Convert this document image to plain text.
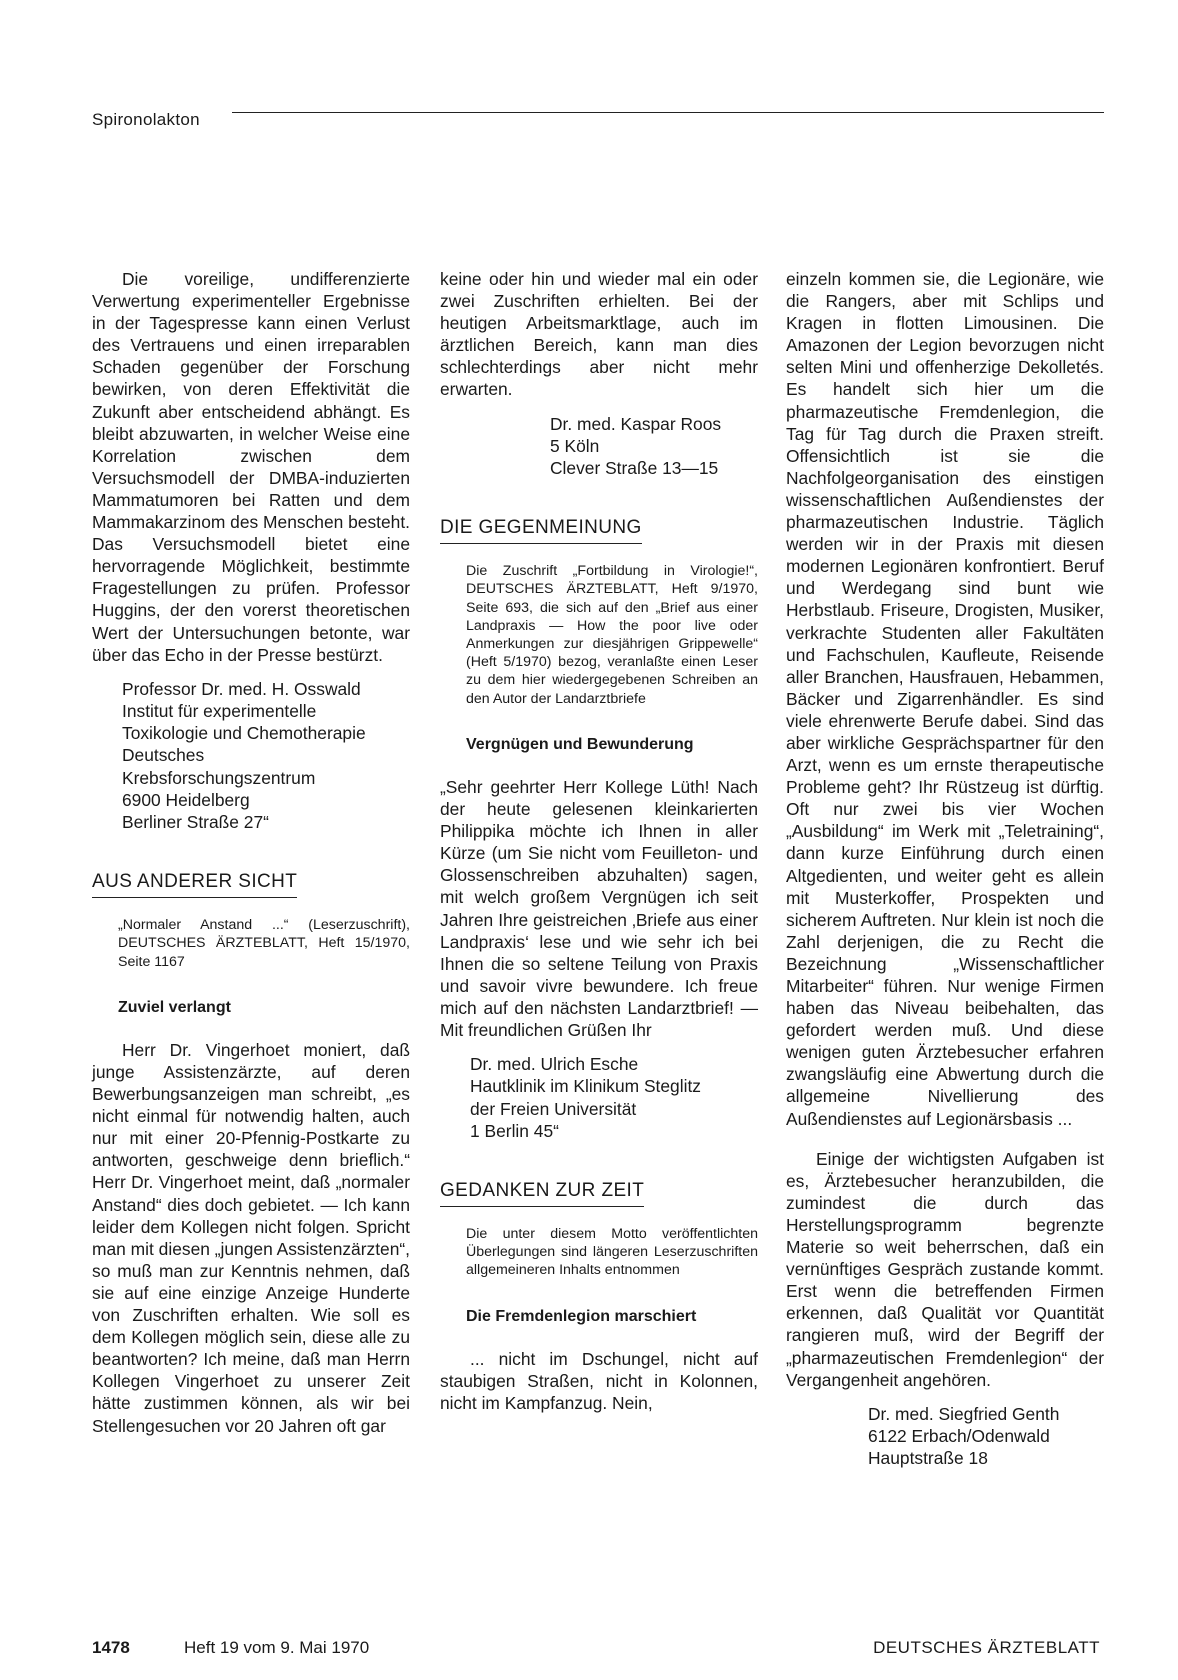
Spironolakton

Die voreilige, undifferenzierte Verwertung experimenteller Ergebnisse in der Tagespresse kann einen Verlust des Vertrauens und einen irreparablen Schaden gegenüber der Forschung bewirken, von deren Effektivität die Zukunft aber entscheidend abhängt. Es bleibt abzuwarten, in welcher Weise eine Korrelation zwischen dem Versuchsmodell der DMBA-induzierten Mammatumoren bei Ratten und dem Mammakarzinom des Menschen besteht. Das Versuchsmodell bietet eine hervorragende Möglichkeit, bestimmte Fragestellungen zu prüfen. Professor Huggins, der den vorerst theoretischen Wert der Untersuchungen betonte, war über das Echo in der Presse bestürzt.

Professor Dr. med. H. Osswald
Institut für experimentelle
Toxikologie und Chemotherapie
Deutsches
Krebsforschungszentrum
6900 Heidelberg
Berliner Straße 27“
AUS ANDERER SICHT

„Normaler Anstand ...“ (Leserzuschrift), DEUTSCHES ÄRZTEBLATT, Heft 15/1970, Seite 1167

Zuviel verlangt

Herr Dr. Vingerhoet moniert, daß junge Assistenzärzte, auf deren Bewerbungsanzeigen man schreibt, „es nicht einmal für notwendig halten, auch nur mit einer 20-Pfennig-Postkarte zu antworten, geschweige denn brieflich.“ Herr Dr. Vingerhoet meint, daß „normaler Anstand“ dies doch gebietet. — Ich kann leider dem Kollegen nicht folgen. Spricht man mit diesen „jungen Assistenzärzten“, so muß man zur Kenntnis nehmen, daß sie auf eine einzige Anzeige Hunderte von Zuschriften erhalten. Wie soll es dem Kollegen möglich sein, diese alle zu beantworten? Ich meine, daß man Herrn Kollegen Vingerhoet zu unserer Zeit hätte zustimmen können, als wir bei Stellengesuchen vor 20 Jahren oft gar

keine oder hin und wieder mal ein oder zwei Zuschriften erhielten. Bei der heutigen Arbeitsmarktlage, auch im ärztlichen Bereich, kann man dies schlechterdings aber nicht mehr erwarten.

Dr. med. Kaspar Roos
5 Köln
Clever Straße 13—15
DIE GEGENMEINUNG

Die Zuschrift „Fortbildung in Virologie!“, DEUTSCHES ÄRZTEBLATT, Heft 9/1970, Seite 693, die sich auf den „Brief aus einer Landpraxis — How the poor live oder Anmerkungen zur diesjährigen Grippewelle“ (Heft 5/1970) bezog, veranlaßte einen Leser zu dem hier wiedergegebenen Schreiben an den Autor der Landarztbriefe

Vergnügen und Bewunderung

„Sehr geehrter Herr Kollege Lüth! Nach der heute gelesenen kleinkarierten Philippika möchte ich Ihnen in aller Kürze (um Sie nicht vom Feuilleton- und Glossenschreiben abzuhalten) sagen, mit welch großem Vergnügen ich seit Jahren Ihre geistreichen ‚Briefe aus einer Landpraxis‘ lese und wie sehr ich bei Ihnen die so seltene Teilung von Praxis und savoir vivre bewundere. Ich freue mich auf den nächsten Landarztbrief! — Mit freundlichen Grüßen Ihr

Dr. med. Ulrich Esche
Hautklinik im Klinikum Steglitz
der Freien Universität
1 Berlin 45“
GEDANKEN ZUR ZEIT

Die unter diesem Motto veröffentlichten Überlegungen sind längeren Leserzuschriften allgemeineren Inhalts entnommen

Die Fremdenlegion marschiert

... nicht im Dschungel, nicht auf staubigen Straßen, nicht in Kolonnen, nicht im Kampfanzug. Nein,

einzeln kommen sie, die Legionäre, wie die Rangers, aber mit Schlips und Kragen in flotten Limousinen. Die Amazonen der Legion bevorzugen nicht selten Mini und offenherzige Dekolletés. Es handelt sich hier um die pharmazeutische Fremdenlegion, die Tag für Tag durch die Praxen streift. Offensichtlich ist sie die Nachfolgeorganisation des einstigen wissenschaftlichen Außendienstes der pharmazeutischen Industrie. Täglich werden wir in der Praxis mit diesen modernen Legionären konfrontiert. Beruf und Werdegang sind bunt wie Herbstlaub. Friseure, Drogisten, Musiker, verkrachte Studenten aller Fakultäten und Fachschulen, Kaufleute, Reisende aller Branchen, Hausfrauen, Hebammen, Bäcker und Zigarrenhändler. Es sind viele ehrenwerte Berufe dabei. Sind das aber wirkliche Gesprächspartner für den Arzt, wenn es um ernste therapeutische Probleme geht? Ihr Rüstzeug ist dürftig. Oft nur zwei bis vier Wochen „Ausbildung“ im Werk mit „Teletraining“, dann kurze Einführung durch einen Altgedienten, und weiter geht es allein mit Musterkoffer, Prospekten und sicherem Auftreten. Nur klein ist noch die Zahl derjenigen, die zu Recht die Bezeichnung „Wissenschaftlicher Mitarbeiter“ führen. Nur wenige Firmen haben das Niveau beibehalten, das gefordert werden muß. Und diese wenigen guten Ärztebesucher erfahren zwangsläufig eine Abwertung durch die allgemeine Nivellierung des Außendienstes auf Legionärsbasis ...

Einige der wichtigsten Aufgaben ist es, Ärztebesucher heranzubilden, die zumindest die durch das Herstellungsprogramm begrenzte Materie so weit beherrschen, daß ein vernünftiges Gespräch zustande kommt. Erst wenn die betreffenden Firmen erkennen, daß Qualität vor Quantität rangieren muß, wird der Begriff der „pharmazeutischen Fremdenlegion“ der Vergangenheit angehören.

Dr. med. Siegfried Genth
6122 Erbach/Odenwald
Hauptstraße 18
1478	Heft 19 vom 9. Mai 1970	DEUTSCHES ÄRZTEBLATT
